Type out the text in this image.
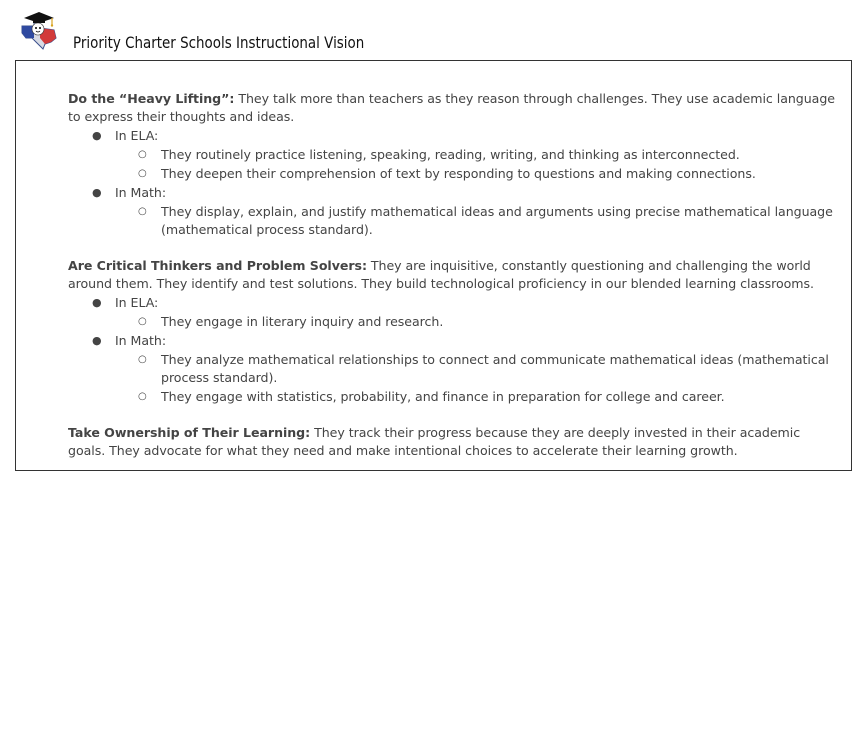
Priority Charter Schools Instructional Vision

Do the “Heavy Lifting”: They talk more than teachers as they reason through challenges. They use academic language to express their thoughts and ideas.

● In ELA:
○ They routinely practice listening, speaking, reading, writing, and thinking as interconnected.
○ They deepen their comprehension of text by responding to questions and making connections.
● In Math:
○ They display, explain, and justify mathematical ideas and arguments using precise mathematical language (mathematical process standard).

Are Critical Thinkers and Problem Solvers: They are inquisitive, constantly questioning and challenging the world around them. They identify and test solutions. They build technological proficiency in our blended learning classrooms.

● In ELA:
○ They engage in literary inquiry and research.
● In Math:
○ They analyze mathematical relationships to connect and communicate mathematical ideas (mathematical process standard).
○ They engage with statistics, probability, and finance in preparation for college and career.

Take Ownership of Their Learning: They track their progress because they are deeply invested in their academic goals. They advocate for what they need and make intentional choices to accelerate their learning growth.
